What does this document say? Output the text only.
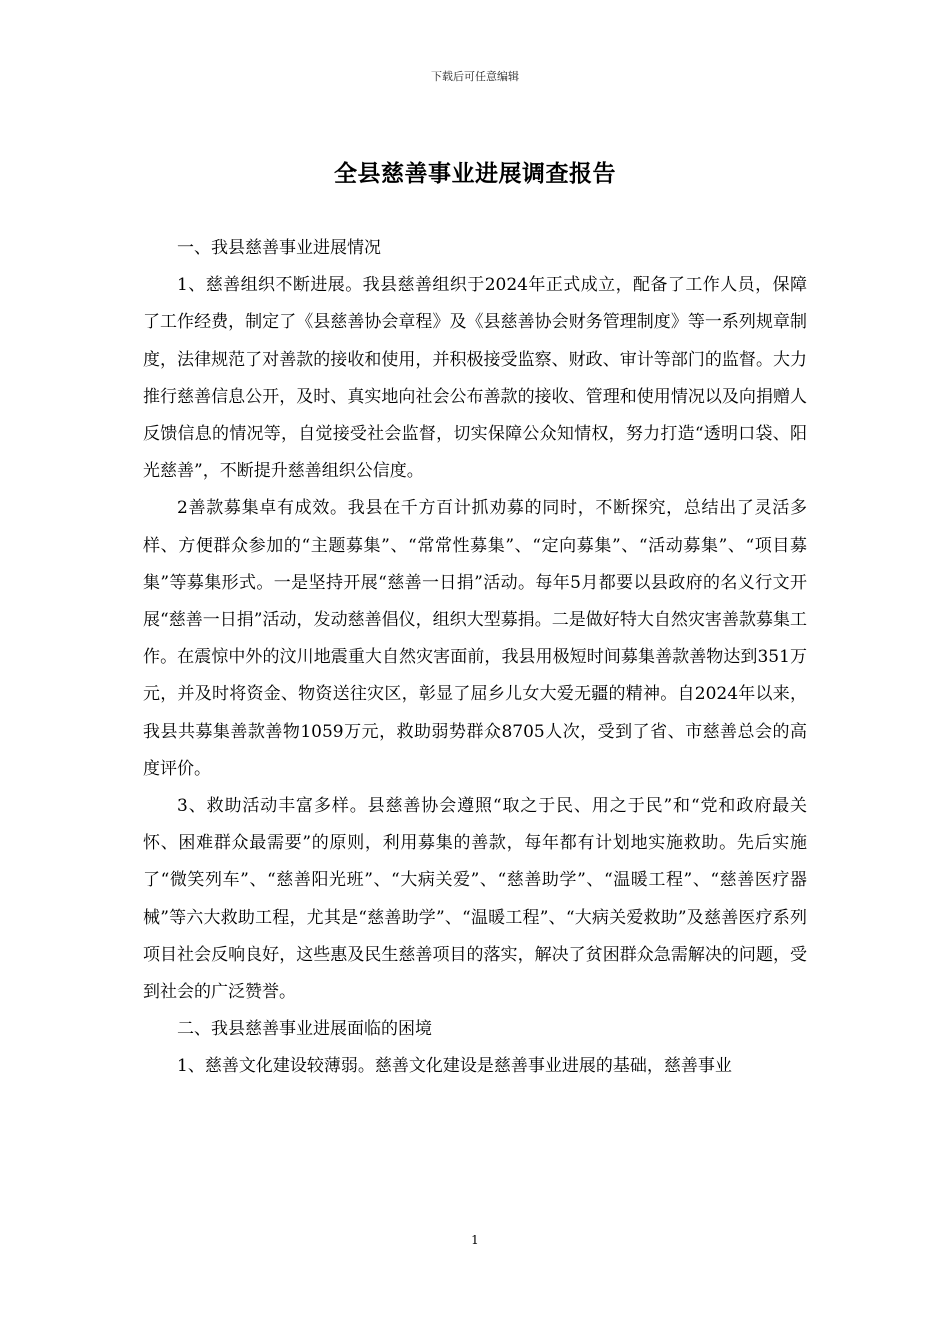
下载后可任意编辑
全县慈善事业进展调查报告

一、我县慈善事业进展情况

1、慈善组织不断进展。我县慈善组织于2024年正式成立，配备了工作人员，保障了工作经费，制定了《县慈善协会章程》及《县慈善协会财务管理制度》等一系列规章制度，法律规范了对善款的接收和使用，并积极接受监察、财政、审计等部门的监督。大力推行慈善信息公开，及时、真实地向社会公布善款的接收、管理和使用情况以及向捐赠人反馈信息的情况等，自觉接受社会监督，切实保障公众知情权，努力打造“透明口袋、阳光慈善”，不断提升慈善组织公信度。

2善款募集卓有成效。我县在千方百计抓劝募的同时，不断探究，总结出了灵活多样、方便群众参加的“主题募集”、“常常性募集”、“定向募集”、“活动募集”、“项目募集”等募集形式。一是坚持开展“慈善一日捐”活动。每年5月都要以县政府的名义行文开展“慈善一日捐”活动，发动慈善倡仪，组织大型募捐。二是做好特大自然灾害善款募集工作。在震惊中外的汶川地震重大自然灾害面前，我县用极短时间募集善款善物达到351万元，并及时将资金、物资送往灾区，彰显了屈乡儿女大爱无疆的精神。自2024年以来，我县共募集善款善物1059万元，救助弱势群众8705人次，受到了省、市慈善总会的高度评价。

3、救助活动丰富多样。县慈善协会遵照“取之于民、用之于民”和“党和政府最关怀、困难群众最需要”的原则，利用募集的善款，每年都有计划地实施救助。先后实施了“微笑列车”、“慈善阳光班”、“大病关爱”、“慈善助学”、“温暖工程”、“慈善医疗器械”等六大救助工程，尤其是“慈善助学”、“温暖工程”、“大病关爱救助”及慈善医疗系列项目社会反响良好，这些惠及民生慈善项目的落实，解决了贫困群众急需解决的问题，受到社会的广泛赞誉。

二、我县慈善事业进展面临的困境

1、慈善文化建设较薄弱。慈善文化建设是慈善事业进展的基础，慈善事业

1
